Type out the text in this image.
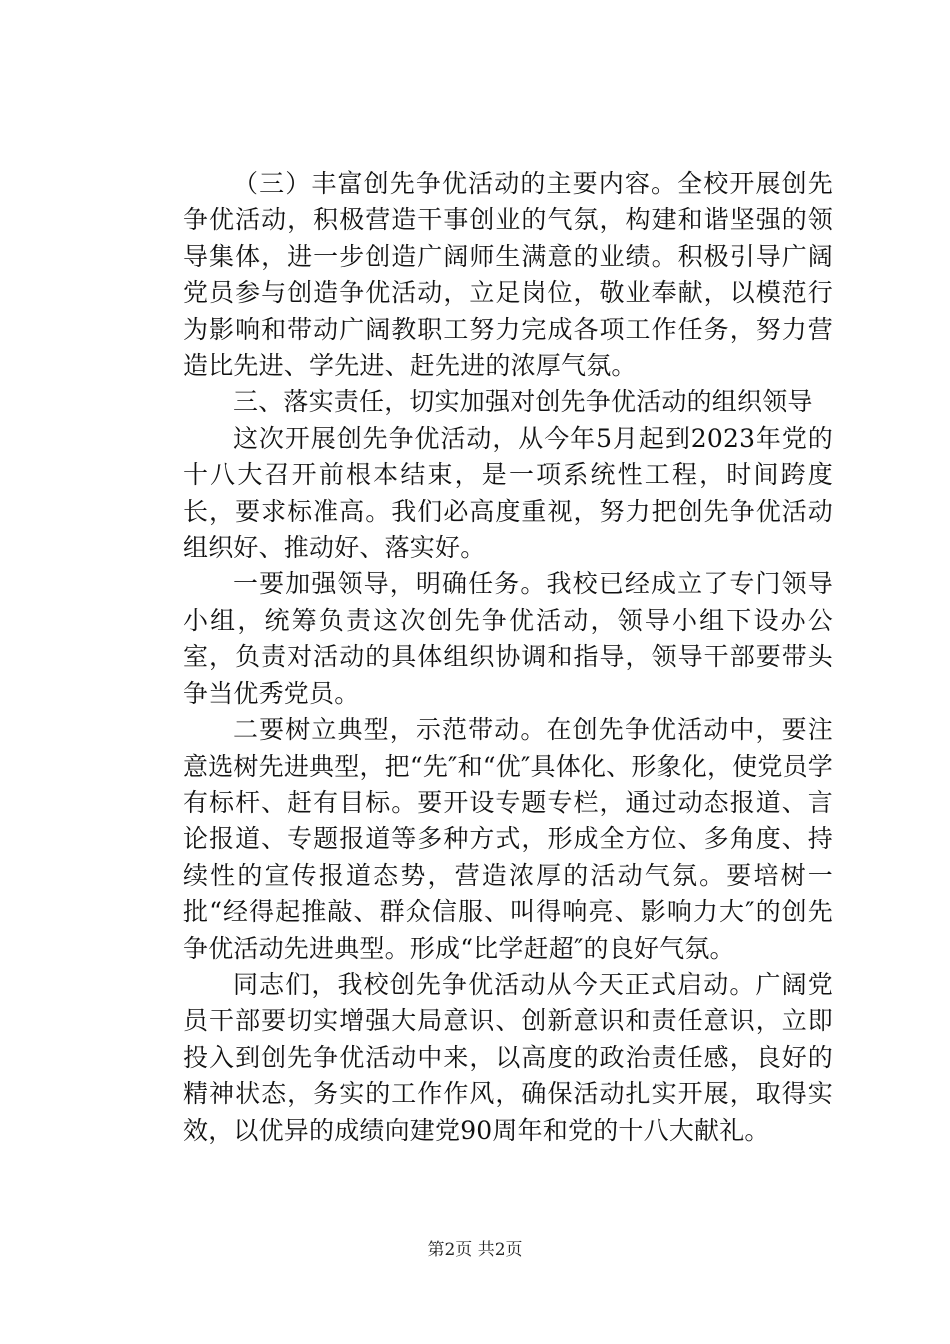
（三）丰富创先争优活动的主要内容。全校开展创先争优活动，积极营造干事创业的气氛，构建和谐坚强的领导集体，进一步创造广阔师生满意的业绩。积极引导广阔党员参与创造争优活动，立足岗位，敬业奉献，以模范行为影响和带动广阔教职工努力完成各项工作任务，努力营造比先进、学先进、赶先进的浓厚气氛。

三、落实责任，切实加强对创先争优活动的组织领导

这次开展创先争优活动，从今年5月起到2023年党的十八大召开前根本结束，是一项系统性工程，时间跨度长，要求标准高。我们必高度重视，努力把创先争优活动组织好、推动好、落实好。

一要加强领导，明确任务。我校已经成立了专门领导小组，统筹负责这次创先争优活动，领导小组下设办公室，负责对活动的具体组织协调和指导，领导干部要带头争当优秀党员。

二要树立典型，示范带动。在创先争优活动中，要注意选树先进典型，把“先″和“优″具体化、形象化，使党员学有标杆、赶有目标。要开设专题专栏，通过动态报道、言论报道、专题报道等多种方式，形成全方位、多角度、持续性的宣传报道态势，营造浓厚的活动气氛。要培树一批“经得起推敲、群众信服、叫得响亮、影响力大″的创先争优活动先进典型。形成“比学赶超″的良好气氛。

同志们，我校创先争优活动从今天正式启动。广阔党员干部要切实增强大局意识、创新意识和责任意识，立即投入到创先争优活动中来，以高度的政治责任感，良好的精神状态，务实的工作作风，确保活动扎实开展，取得实效，以优异的成绩向建党90周年和党的十八大献礼。

第2页 共2页
